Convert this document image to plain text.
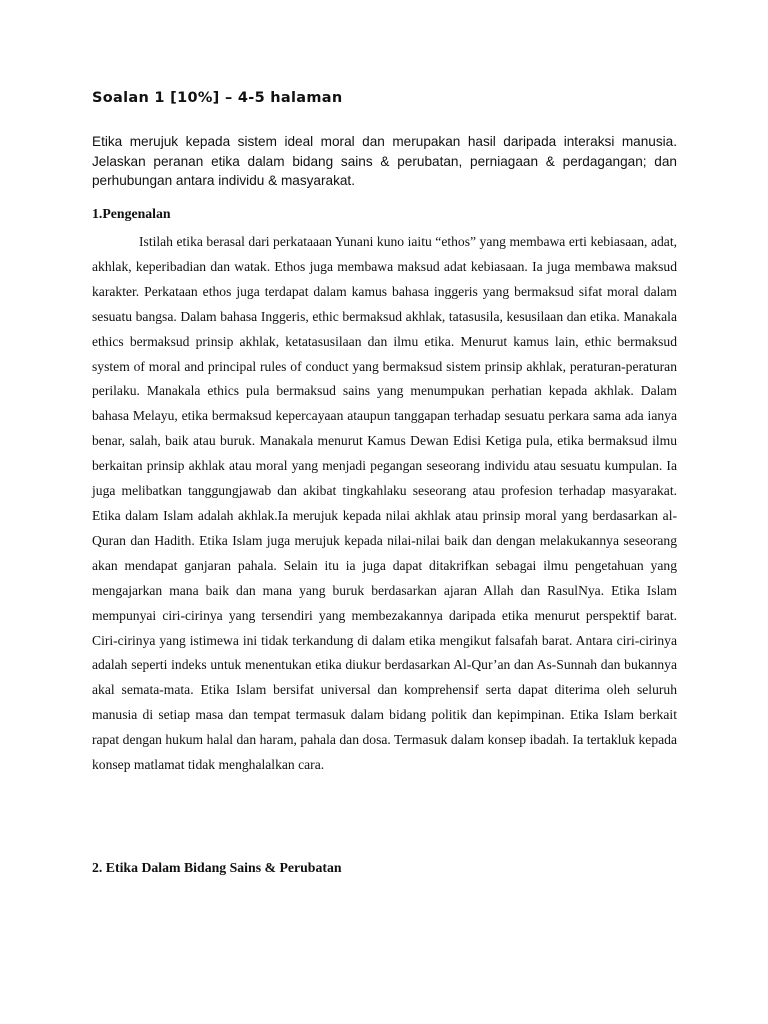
Soalan 1 [10%] – 4-5 halaman

Etika merujuk kepada sistem ideal moral dan merupakan hasil daripada interaksi manusia. Jelaskan peranan etika dalam bidang sains & perubatan, perniagaan & perdagangan; dan perhubungan antara individu & masyarakat.

1.Pengenalan

Istilah etika berasal dari perkataaan Yunani kuno iaitu “ethos” yang membawa erti kebiasaan, adat, akhlak, keperibadian dan watak. Ethos juga membawa maksud adat kebiasaan. Ia juga membawa maksud karakter. Perkataan ethos juga terdapat dalam kamus bahasa inggeris yang bermaksud sifat moral dalam sesuatu bangsa. Dalam bahasa Inggeris, ethic bermaksud akhlak, tatasusila, kesusilaan dan etika. Manakala ethics bermaksud prinsip akhlak, ketatasusilaan dan ilmu etika. Menurut kamus lain, ethic bermaksud system of moral and principal rules of conduct yang bermaksud sistem prinsip akhlak, peraturan-peraturan perilaku. Manakala ethics pula bermaksud sains yang menumpukan perhatian kepada akhlak. Dalam bahasa Melayu, etika bermaksud kepercayaan ataupun tanggapan terhadap sesuatu perkara sama ada ianya benar, salah, baik atau buruk. Manakala menurut Kamus Dewan Edisi Ketiga pula, etika bermaksud ilmu berkaitan prinsip akhlak atau moral yang menjadi pegangan seseorang individu atau sesuatu kumpulan. Ia juga melibatkan tanggungjawab dan akibat tingkahlaku seseorang atau profesion terhadap masyarakat. Etika dalam Islam adalah akhlak.Ia merujuk kepada nilai akhlak atau prinsip moral yang berdasarkan al-Quran dan Hadith. Etika Islam juga merujuk kepada nilai-nilai baik dan dengan melakukannya seseorang akan mendapat ganjaran pahala. Selain itu ia juga dapat ditakrifkan sebagai ilmu pengetahuan yang mengajarkan mana baik dan mana yang buruk berdasarkan ajaran Allah dan RasulNya. Etika Islam mempunyai ciri-cirinya yang tersendiri yang membezakannya daripada etika menurut perspektif barat. Ciri-cirinya yang istimewa ini tidak terkandung di dalam etika mengikut falsafah barat. Antara ciri-cirinya adalah seperti indeks untuk menentukan etika diukur berdasarkan Al-Qur’an dan As-Sunnah dan bukannya akal semata-mata. Etika Islam bersifat universal dan komprehensif serta dapat diterima oleh seluruh manusia di setiap masa dan tempat termasuk dalam bidang politik dan kepimpinan. Etika Islam berkait rapat dengan hukum halal dan haram, pahala dan dosa. Termasuk dalam konsep ibadah. Ia tertakluk kepada konsep matlamat tidak menghalalkan cara.

2. Etika Dalam Bidang Sains & Perubatan
